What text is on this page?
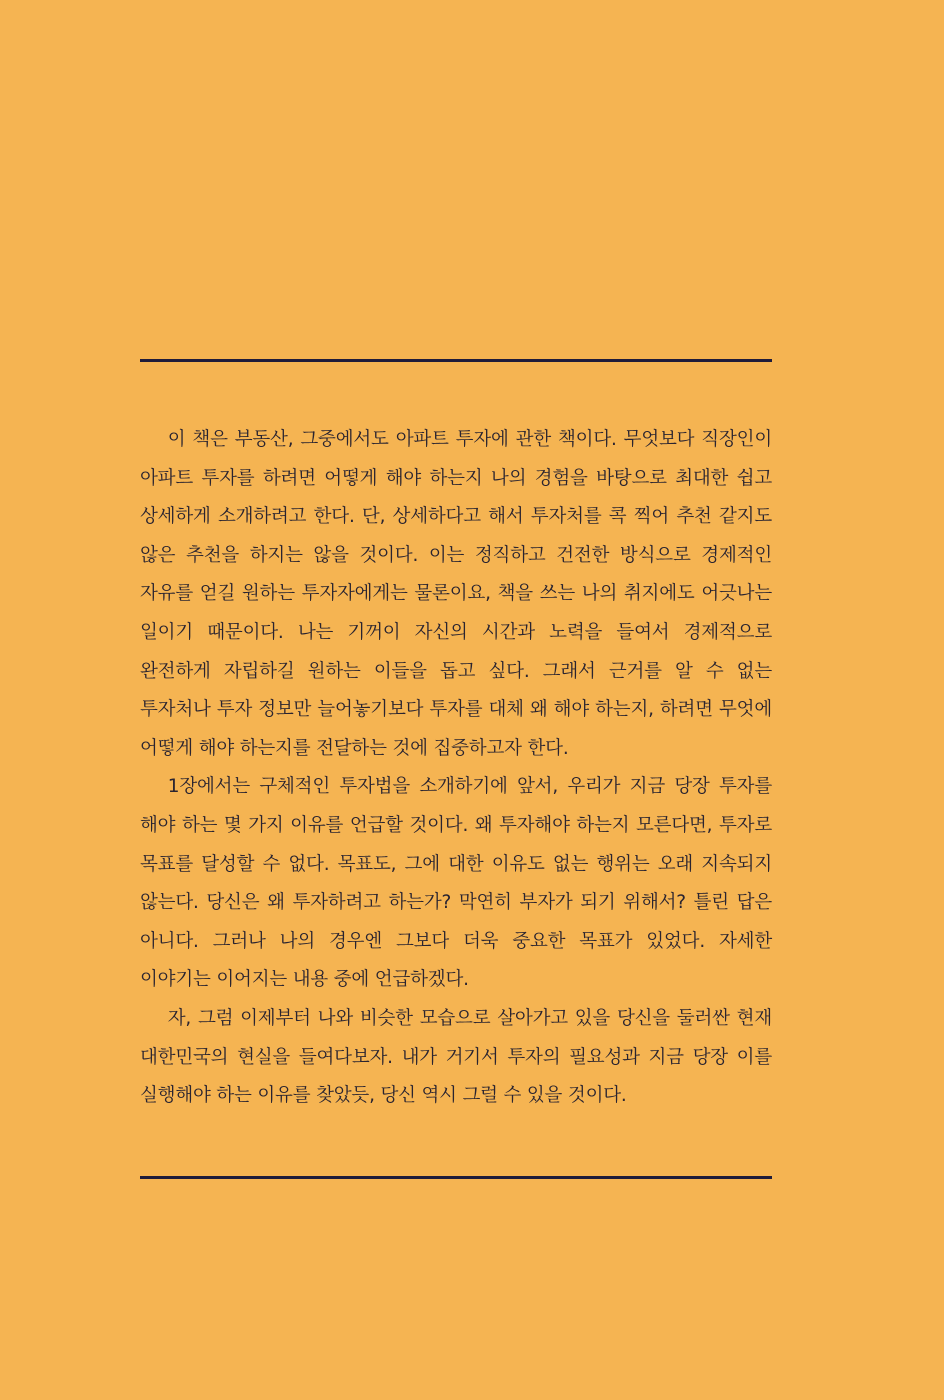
이 책은 부동산, 그중에서도 아파트 투자에 관한 책이다. 무엇보다 직장인이 아파트 투자를 하려면 어떻게 해야 하는지 나의 경험을 바탕으로 최대한 쉽고 상세하게 소개하려고 한다. 단, 상세하다고 해서 투자처를 콕 찍어 추천 같지도 않은 추천을 하지는 않을 것이다. 이는 정직하고 건전한 방식으로 경제적인 자유를 얻길 원하는 투자자에게는 물론이요, 책을 쓰는 나의 취지에도 어긋나는 일이기 때문이다. 나는 기꺼이 자신의 시간과 노력을 들여서 경제적으로 완전하게 자립하길 원하는 이들을 돕고 싶다. 그래서 근거를 알 수 없는 투자처나 투자 정보만 늘어놓기보다 투자를 대체 왜 해야 하는지, 하려면 무엇에 어떻게 해야 하는지를 전달하는 것에 집중하고자 한다.

1장에서는 구체적인 투자법을 소개하기에 앞서, 우리가 지금 당장 투자를 해야 하는 몇 가지 이유를 언급할 것이다. 왜 투자해야 하는지 모른다면, 투자로 목표를 달성할 수 없다. 목표도, 그에 대한 이유도 없는 행위는 오래 지속되지 않는다. 당신은 왜 투자하려고 하는가? 막연히 부자가 되기 위해서? 틀린 답은 아니다. 그러나 나의 경우엔 그보다 더욱 중요한 목표가 있었다. 자세한 이야기는 이어지는 내용 중에 언급하겠다.

자, 그럼 이제부터 나와 비슷한 모습으로 살아가고 있을 당신을 둘러싼 현재 대한민국의 현실을 들여다보자. 내가 거기서 투자의 필요성과 지금 당장 이를 실행해야 하는 이유를 찾았듯, 당신 역시 그럴 수 있을 것이다.
